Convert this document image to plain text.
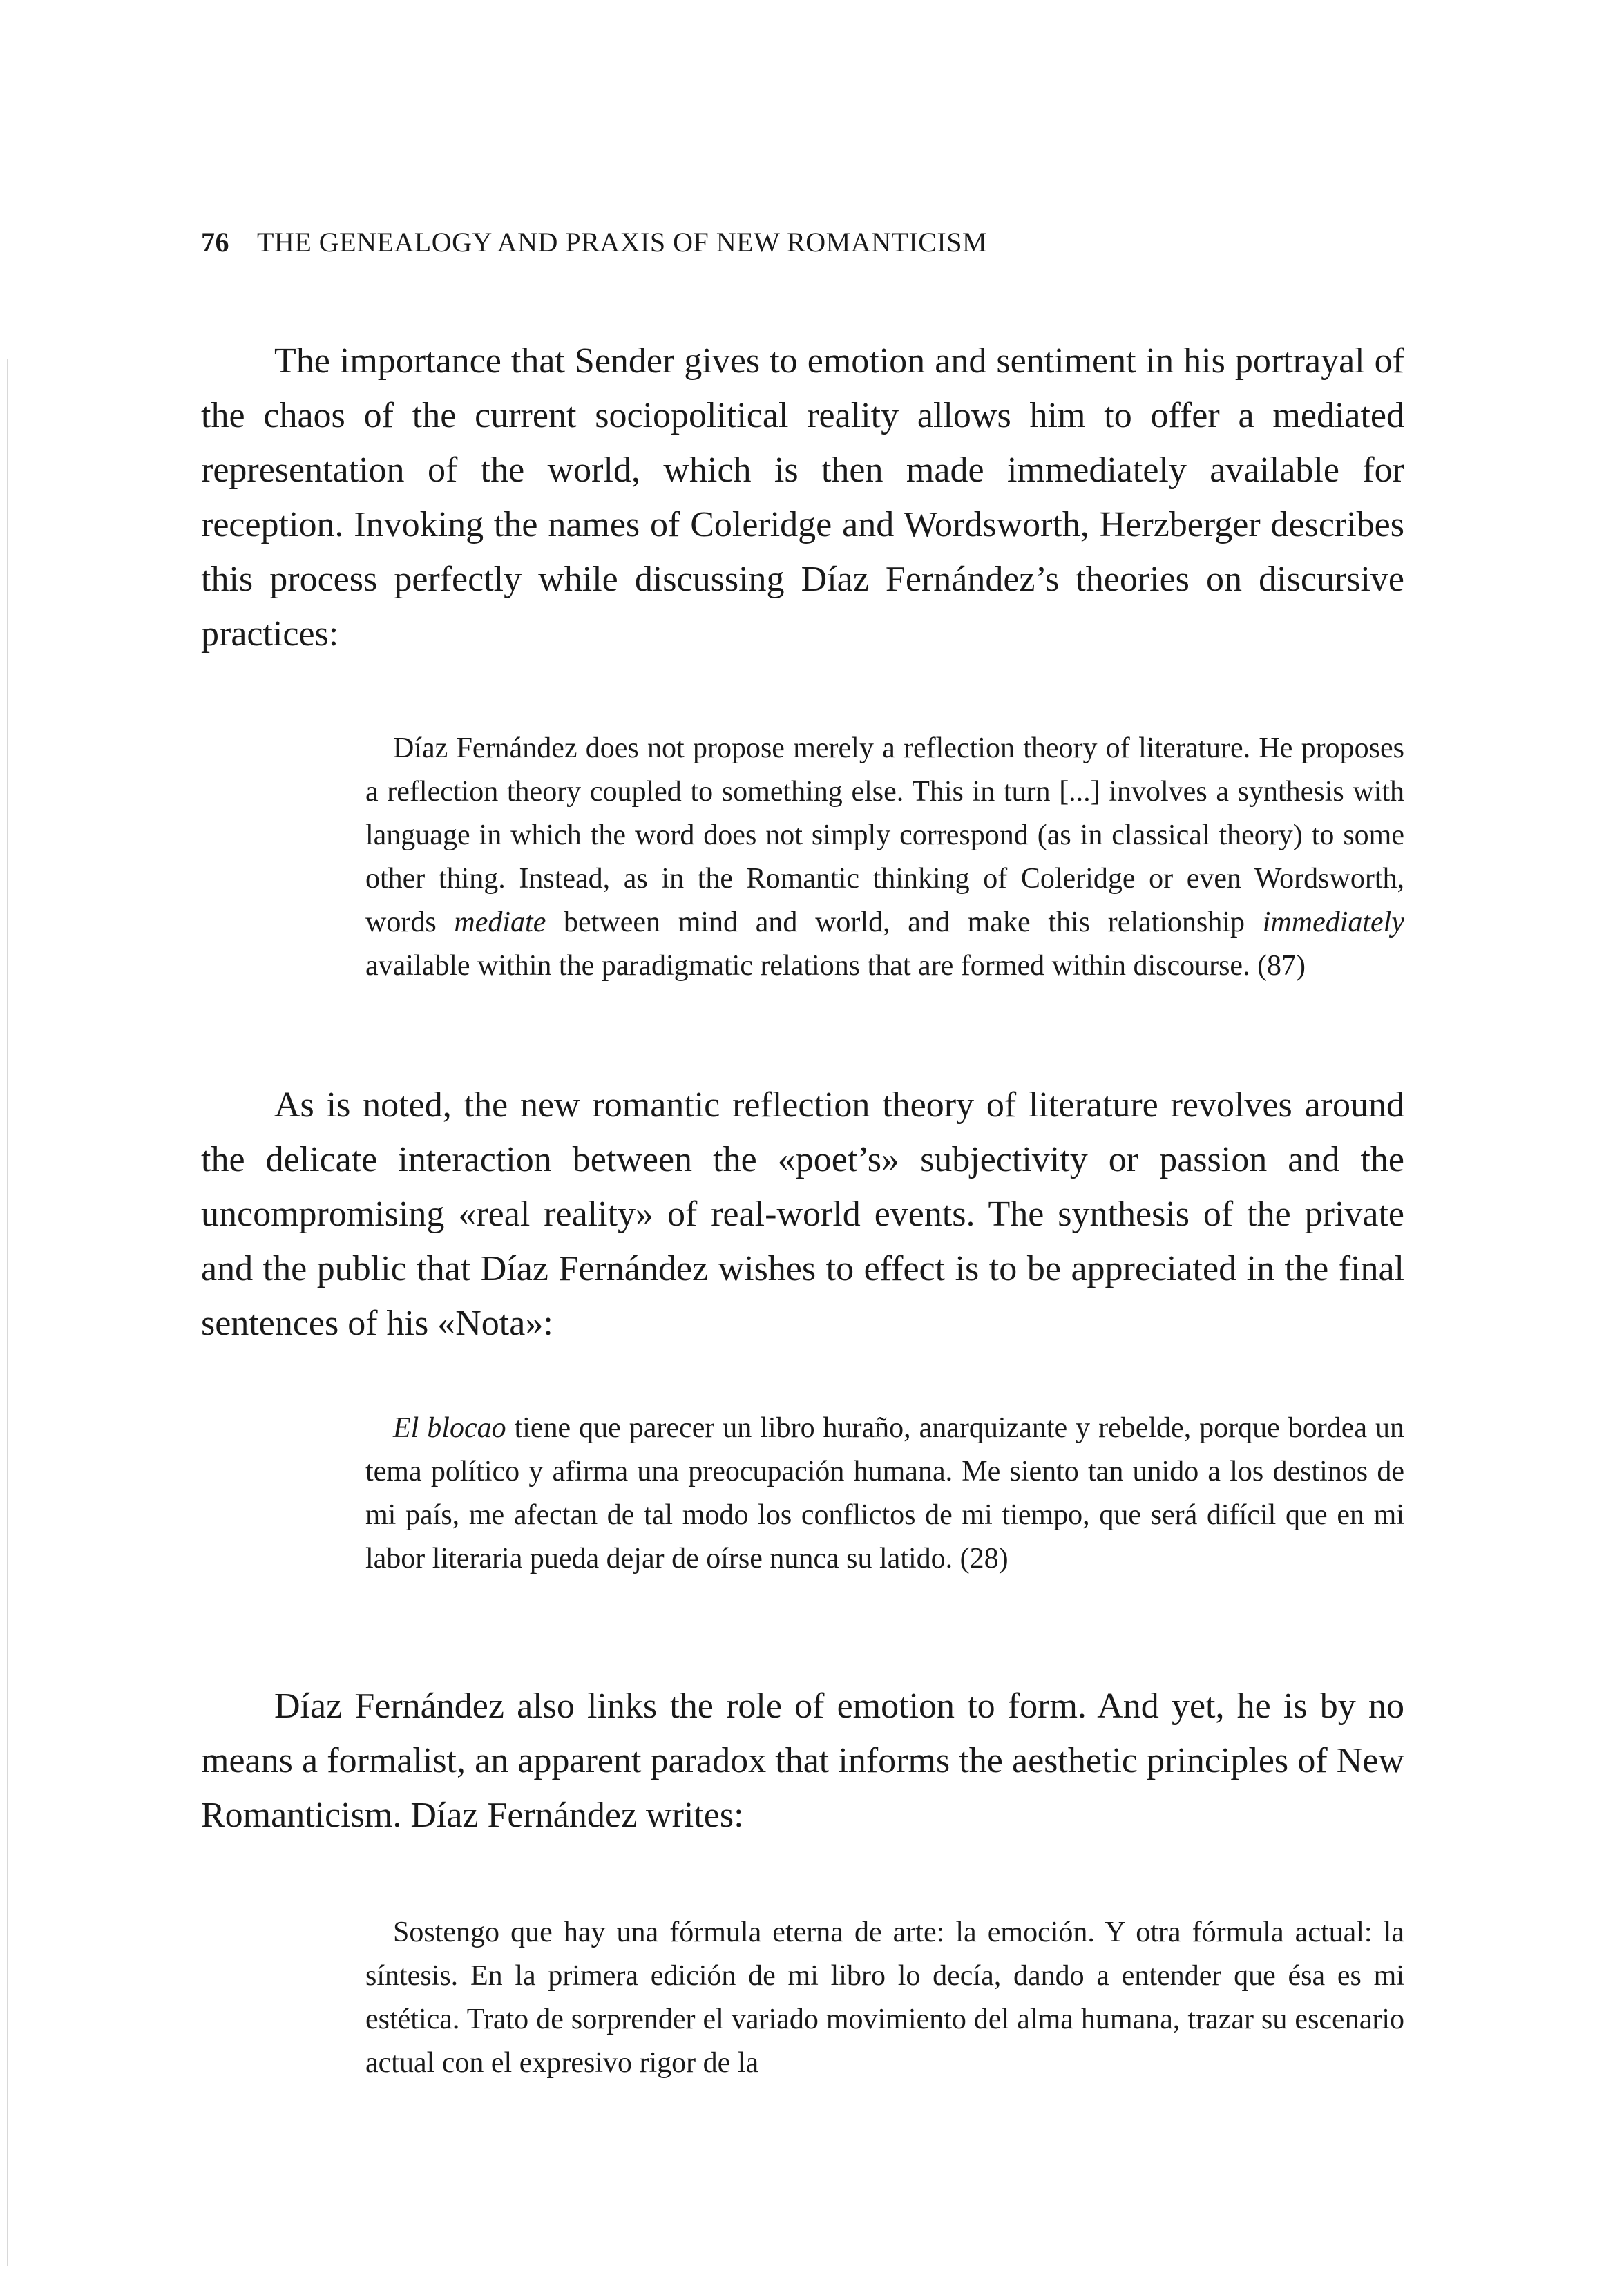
76 THE GENEALOGY AND PRAXIS OF NEW ROMANTICISM

The importance that Sender gives to emotion and sentiment in his portrayal of the chaos of the current sociopolitical reality allows him to offer a mediated representation of the world, which is then made immediately available for reception. Invoking the names of Coleridge and Wordsworth, Herzberger describes this process perfectly while discussing Díaz Fernández’s theories on discursive practices:

Díaz Fernández does not propose merely a reflection theory of literature. He proposes a reflection theory coupled to something else. This in turn [...] involves a synthesis with language in which the word does not simply correspond (as in classical theory) to some other thing. Instead, as in the Romantic thinking of Coleridge or even Wordsworth, words mediate between mind and world, and make this relationship immediately available within the paradigmatic relations that are formed within discourse. (87)

As is noted, the new romantic reflection theory of literature revolves around the delicate interaction between the «poet’s» subjectivity or passion and the uncompromising «real reality» of real-world events. The synthesis of the private and the public that Díaz Fernández wishes to effect is to be appreciated in the final sentences of his «Nota»:

El blocao tiene que parecer un libro huraño, anarquizante y rebelde, porque bordea un tema político y afirma una preocupación humana. Me siento tan unido a los destinos de mi país, me afectan de tal modo los conflictos de mi tiempo, que será difícil que en mi labor literaria pueda dejar de oírse nunca su latido. (28)

Díaz Fernández also links the role of emotion to form. And yet, he is by no means a formalist, an apparent paradox that informs the aesthetic principles of New Romanticism. Díaz Fernández writes:

Sostengo que hay una fórmula eterna de arte: la emoción. Y otra fórmula actual: la síntesis. En la primera edición de mi libro lo decía, dando a entender que ésa es mi estética. Trato de sorprender el variado movimiento del alma humana, trazar su escenario actual con el expresivo rigor de la
